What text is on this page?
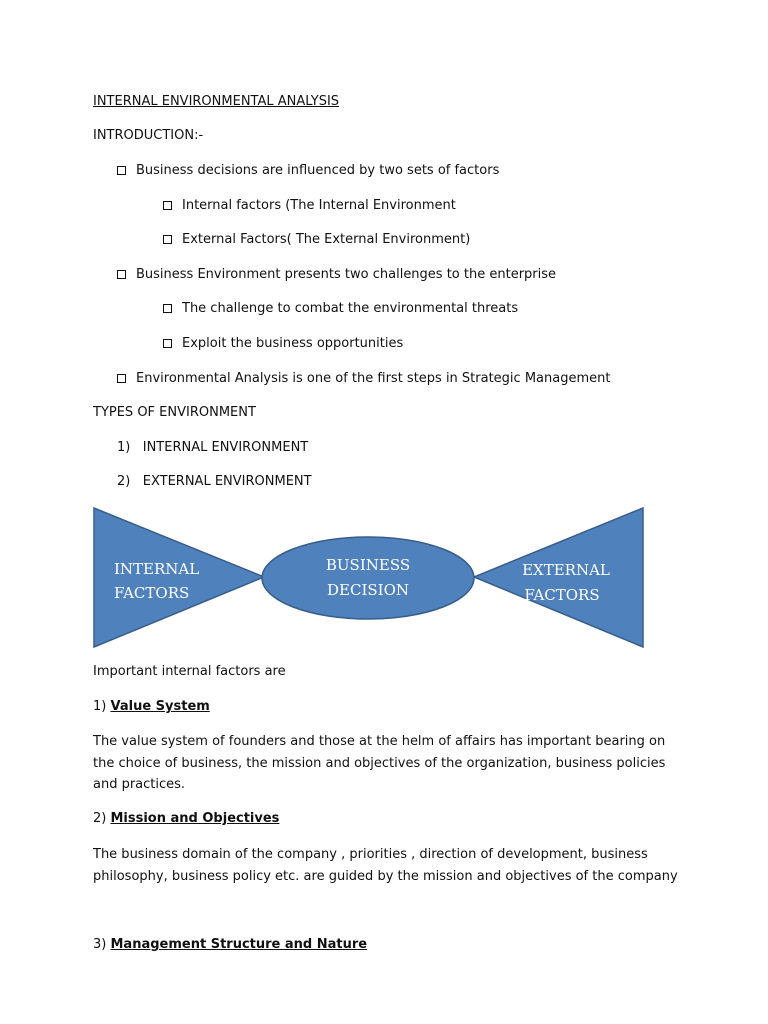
INTERNAL ENVIRONMENTAL ANALYSIS
INTRODUCTION:-
Business decisions are influenced by two sets of factors
Internal factors (The Internal Environment
External Factors( The External Environment)
Business Environment presents two challenges to the enterprise
The challenge to combat the environmental threats
Exploit the business opportunities
Environmental Analysis is one of the first steps in Strategic Management
TYPES OF ENVIRONMENT
1) INTERNAL ENVIRONMENT
2) EXTERNAL ENVIRONMENT
INTERNAL
FACTORS
BUSINESS
DECISION
EXTERNAL
FACTORS
Important internal factors are
1) Value System
The value system of founders and those at the helm of affairs has important bearing on the choice of business, the mission and objectives of the organization, business policies and practices.
2) Mission and Objectives
The business domain of the company , priorities , direction of development, business philosophy, business policy etc. are guided by the mission and objectives of the company
3) Management Structure and Nature
